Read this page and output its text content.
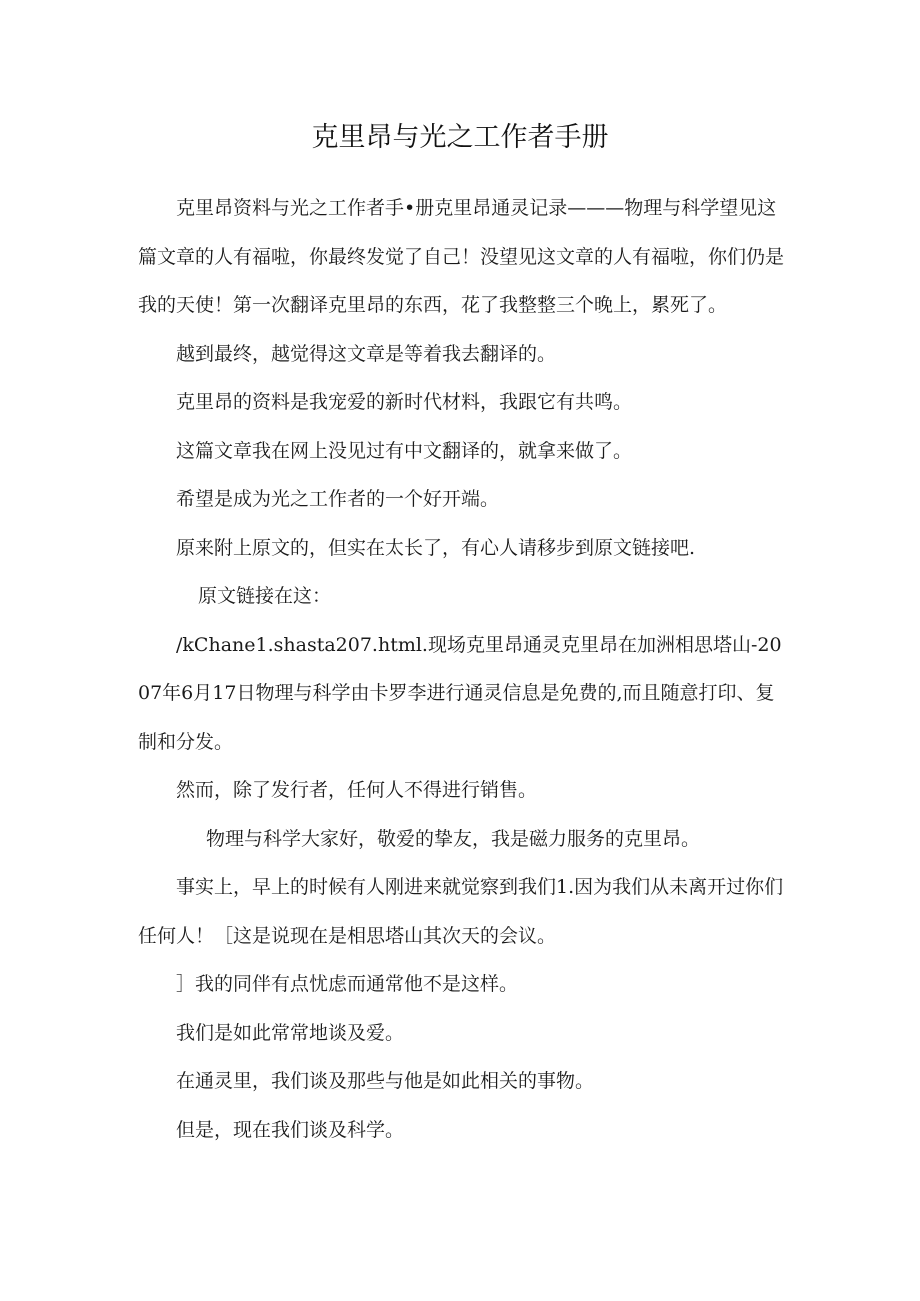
克里昂与光之工作者手册

克里昂资料与光之工作者手•册克里昂通灵记录———物理与科学望见这篇文章的人有福啦，你最终发觉了自己！没望见这文章的人有福啦，你们仍是我的天使！第一次翻译克里昂的东西，花了我整整三个晚上，累死了。

越到最终，越觉得这文章是等着我去翻译的。

克里昂的资料是我宠爱的新时代材料，我跟它有共鸣。

这篇文章我在网上没见过有中文翻译的，就拿来做了。

希望是成为光之工作者的一个好开端。

原来附上原文的，但实在太长了，有心人请移步到原文链接吧.

原文链接在这：

/kChane1.shasta207.html.现场克里昂通灵克里昂在加洲相思塔山-2007年6月17日物理与科学由卡罗李进行通灵信息是免费的,而且随意打印、复制和分发。

然而，除了发行者，任何人不得进行销售。

物理与科学大家好，敬爱的挚友，我是磁力服务的克里昂。

事实上，早上的时候有人刚进来就觉察到我们1.因为我们从未离开过你们任何人！［这是说现在是相思塔山其次天的会议。

］我的同伴有点忧虑而通常他不是这样。

我们是如此常常地谈及爱。

在通灵里，我们谈及那些与他是如此相关的事物。

但是，现在我们谈及科学。
